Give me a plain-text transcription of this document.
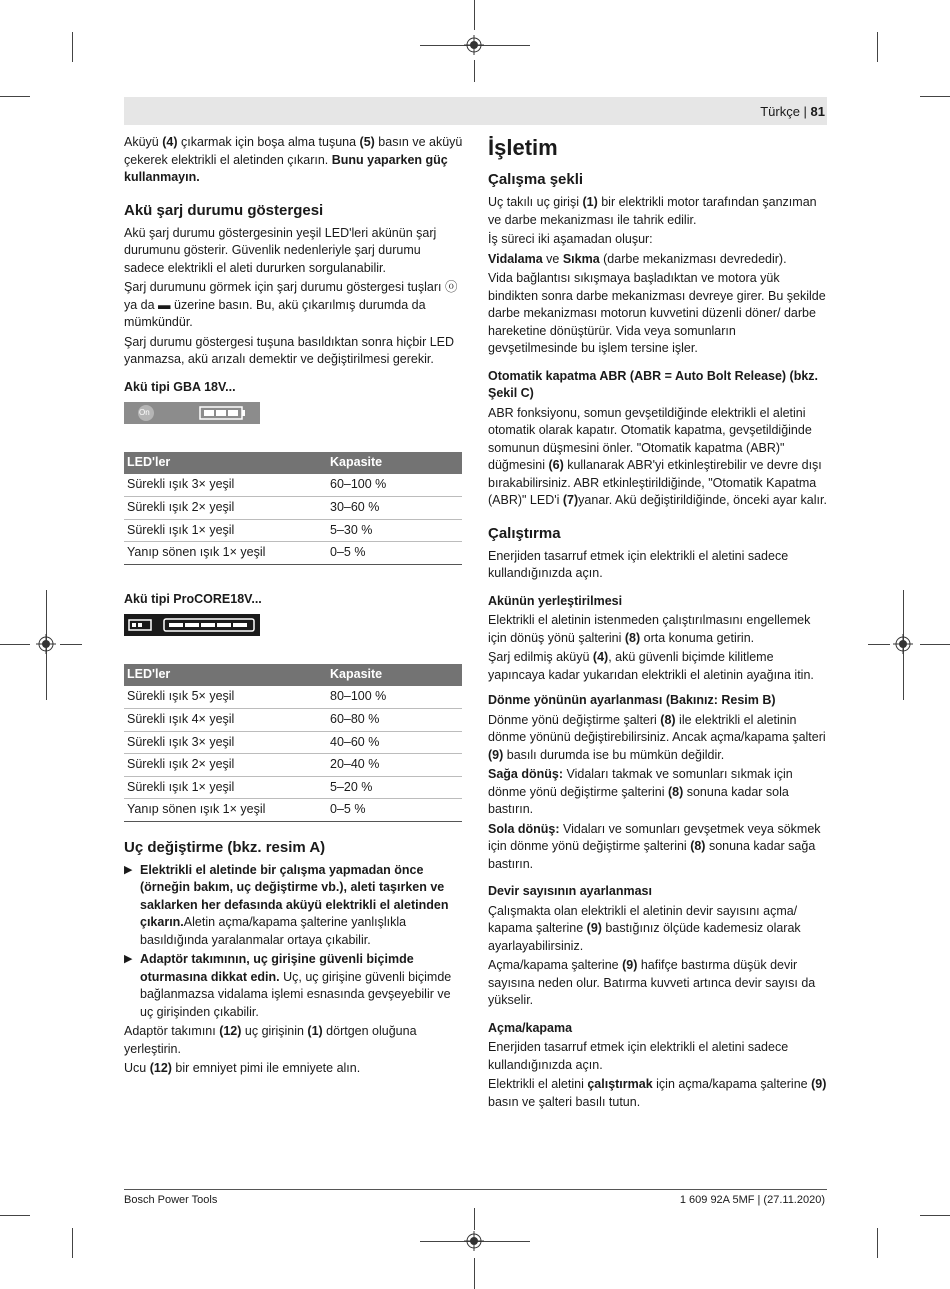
Türkçe | 81

Aküyü (4) çıkarmak için boşa alma tuşuna (5) basın ve aküyü çekerek elektrikli el aletinden çıkarın. Bunu yaparken güç kullanmayın.

Akü şarj durumu göstergesi

Akü şarj durumu göstergesinin yeşil LED'leri akünün şarj durumunu gösterir. Güvenlik nedenleriyle şarj durumu sadece elektrikli el aleti dururken sorgulanabilir.

Şarj durumunu görmek için şarj durumu göstergesi tuşları ⓞ ya da ▬ üzerine basın. Bu, akü çıkarılmış durumda da mümkündür.

Şarj durumu göstergesi tuşuna basıldıktan sonra hiçbir LED yanmazsa, akü arızalı demektir ve değiştirilmesi gerekir.

Akü tipi GBA 18V...
On
LED'ler	Kapasite
Sürekli ışık 3× yeşil	60–100 %
Sürekli ışık 2× yeşil	30–60 %
Sürekli ışık 1× yeşil	5–30 %
Yanıp sönen ışık 1× yeşil	0–5 %
Akü tipi ProCORE18V...
LED'ler	Kapasite
Sürekli ışık 5× yeşil	80–100 %
Sürekli ışık 4× yeşil	60–80 %
Sürekli ışık 3× yeşil	40–60 %
Sürekli ışık 2× yeşil	20–40 %
Sürekli ışık 1× yeşil	5–20 %
Yanıp sönen ışık 1× yeşil	0–5 %
Uç değiştirme (bkz. resim A)
▶ Elektrikli el aletinde bir çalışma yapmadan önce (örneğin bakım, uç değiştirme vb.), aleti taşırken ve saklarken her defasında aküyü elektrikli el aletinden çıkarın.Aletin açma/kapama şalterine yanlışlıkla basıldığında yaralanmalar ortaya çıkabilir.
▶ Adaptör takımının, uç girişine güvenli biçimde oturmasına dikkat edin. Uç, uç girişine güvenli biçimde bağlanmazsa vidalama işlemi esnasında gevşeyebilir ve uç girişinden çıkabilir.

Adaptör takımını (12) uç girişinin (1) dörtgen oluğuna yerleştirin.

Ucu (12) bir emniyet pimi ile emniyete alın.

İşletim
Çalışma şekli

Uç takılı uç girişi (1) bir elektrikli motor tarafından şanzıman ve darbe mekanizması ile tahrik edilir.

İş süreci iki aşamadan oluşur:

Vidalama ve Sıkma (darbe mekanizması devrededir).

Vida bağlantısı sıkışmaya başladıktan ve motora yük bindikten sonra darbe mekanizması devreye girer. Bu şekilde darbe mekanizması motorun kuvvetini düzenli döner/ darbe hareketine dönüştürür. Vida veya somunların gevşetilmesinde bu işlem tersine işler.

Otomatik kapatma ABR (ABR = Auto Bolt Release) (bkz. Şekil C)

ABR fonksiyonu, somun gevşetildiğinde elektrikli el aletini otomatik olarak kapatır. Otomatik kapatma, gevşetildiğinde somunun düşmesini önler. "Otomatik kapatma (ABR)" düğmesini (6) kullanarak ABR'yi etkinleştirebilir ve devre dışı bırakabilirsiniz. ABR etkinleştirildiğinde, "Otomatik Kapatma (ABR)" LED'i (7)yanar. Akü değiştirildiğinde, önceki ayar kalır.

Çalıştırma

Enerjiden tasarruf etmek için elektrikli el aletini sadece kullandığınızda açın.

Akünün yerleştirilmesi

Elektrikli el aletinin istenmeden çalıştırılmasını engellemek için dönüş yönü şalterini (8) orta konuma getirin.

Şarj edilmiş aküyü (4), akü güvenli biçimde kilitleme yapıncaya kadar yukarıdan elektrikli el aletinin ayağına itin.

Dönme yönünün ayarlanması (Bakınız: Resim B)

Dönme yönü değiştirme şalteri (8) ile elektrikli el aletinin dönme yönünü değiştirebilirsiniz. Ancak açma/kapama şalteri (9) basılı durumda ise bu mümkün değildir.

Sağa dönüş: Vidaları takmak ve somunları sıkmak için dönme yönü değiştirme şalterini (8) sonuna kadar sola bastırın.

Sola dönüş: Vidaları ve somunları gevşetmek veya sökmek için dönme yönü değiştirme şalterini (8) sonuna kadar sağa bastırın.

Devir sayısının ayarlanması

Çalışmakta olan elektrikli el aletinin devir sayısını açma/ kapama şalterine (9) bastığınız ölçüde kademesiz olarak ayarlayabilirsiniz.

Açma/kapama şalterine (9) hafifçe bastırma düşük devir sayısına neden olur. Batırma kuvveti artınca devir sayısı da yükselir.

Açma/kapama

Enerjiden tasarruf etmek için elektrikli el aletini sadece kullandığınızda açın.

Elektrikli el aletini çalıştırmak için açma/kapama şalterine (9) basın ve şalteri basılı tutun.

Bosch Power Tools	1 609 92A 5MF | (27.11.2020)
